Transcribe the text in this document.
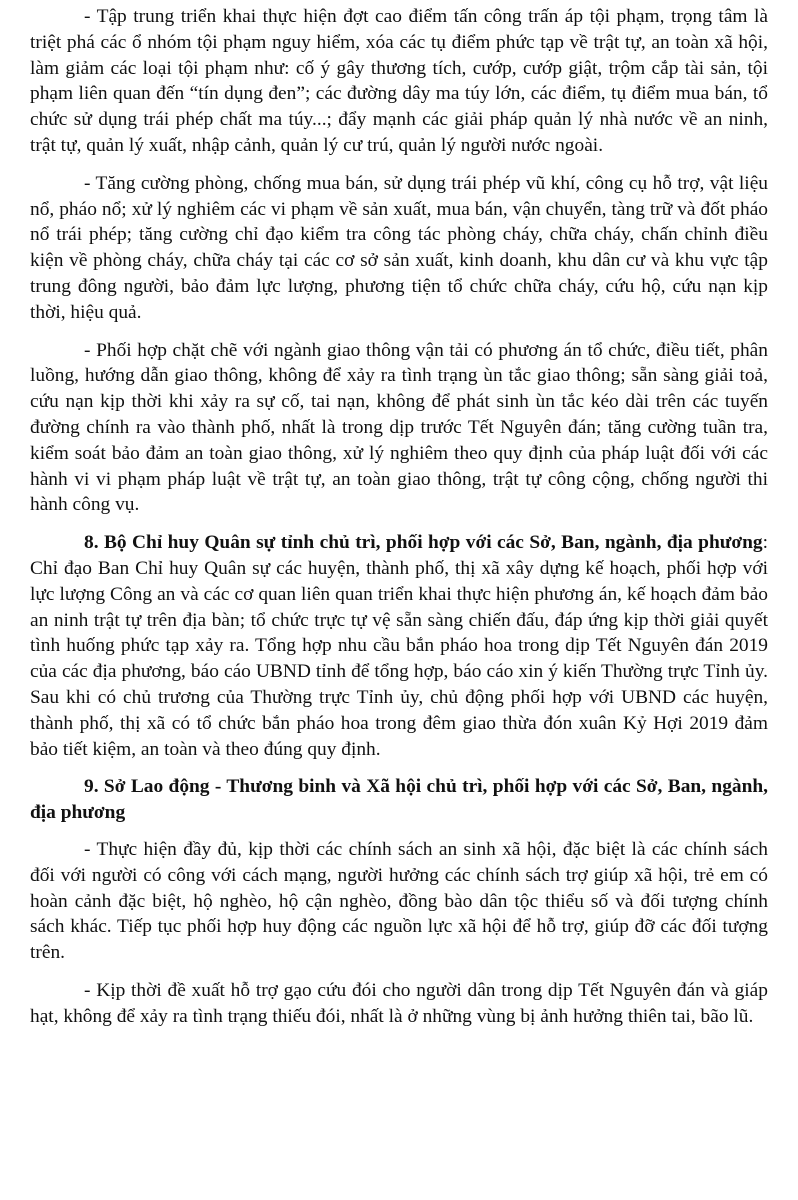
- Tập trung triển khai thực hiện đợt cao điểm tấn công trấn áp tội phạm, trọng tâm là triệt phá các ổ nhóm tội phạm nguy hiểm, xóa các tụ điểm phức tạp về trật tự, an toàn xã hội, làm giảm các loại tội phạm như: cố ý gây thương tích, cướp, cướp giật, trộm cắp tài sản, tội phạm liên quan đến “tín dụng đen”; các đường dây ma túy lớn, các điểm, tụ điểm mua bán, tổ chức sử dụng trái phép chất ma túy...; đẩy mạnh các giải pháp quản lý nhà nước về an ninh, trật tự, quản lý xuất, nhập cảnh, quản lý cư trú, quản lý người nước ngoài.

- Tăng cường phòng, chống mua bán, sử dụng trái phép vũ khí, công cụ hỗ trợ, vật liệu nổ, pháo nổ; xử lý nghiêm các vi phạm về sản xuất, mua bán, vận chuyển, tàng trữ và đốt pháo nổ trái phép; tăng cường chỉ đạo kiểm tra công tác phòng cháy, chữa cháy, chấn chỉnh điều kiện về phòng cháy, chữa cháy tại các cơ sở sản xuất, kinh doanh, khu dân cư và khu vực tập trung đông người, bảo đảm lực lượng, phương tiện tổ chức chữa cháy, cứu hộ, cứu nạn kịp thời, hiệu quả.

- Phối hợp chặt chẽ với ngành giao thông vận tải có phương án tổ chức, điều tiết, phân luồng, hướng dẫn giao thông, không để xảy ra tình trạng ùn tắc giao thông; sẵn sàng giải toả, cứu nạn kịp thời khi xảy ra sự cố, tai nạn, không để phát sinh ùn tắc kéo dài trên các tuyến đường chính ra vào thành phố, nhất là trong dịp trước Tết Nguyên đán; tăng cường tuần tra, kiểm soát bảo đảm an toàn giao thông, xử lý nghiêm theo quy định của pháp luật đối với các hành vi vi phạm pháp luật về trật tự, an toàn giao thông, trật tự công cộng, chống người thi hành công vụ.

8. Bộ Chỉ huy Quân sự tỉnh chủ trì, phối hợp với các Sở, Ban, ngành, địa phương: Chỉ đạo Ban Chỉ huy Quân sự các huyện, thành phố, thị xã xây dựng kế hoạch, phối hợp với lực lượng Công an và các cơ quan liên quan triển khai thực hiện phương án, kế hoạch đảm bảo an ninh trật tự trên địa bàn; tổ chức trực tự vệ sẵn sàng chiến đấu, đáp ứng kịp thời giải quyết tình huống phức tạp xảy ra. Tổng hợp nhu cầu bắn pháo hoa trong dịp Tết Nguyên đán 2019 của các địa phương, báo cáo UBND tỉnh để tổng hợp, báo cáo xin ý kiến Thường trực Tỉnh ủy. Sau khi có chủ trương của Thường trực Tỉnh ủy, chủ động phối hợp với UBND các huyện, thành phố, thị xã có tổ chức bắn pháo hoa trong đêm giao thừa đón xuân Kỷ Hợi 2019 đảm bảo tiết kiệm, an toàn và theo đúng quy định.

9. Sở Lao động - Thương binh và Xã hội chủ trì, phối hợp với các Sở, Ban, ngành, địa phương

- Thực hiện đầy đủ, kịp thời các chính sách an sinh xã hội, đặc biệt là các chính sách đối với người có công với cách mạng, người hưởng các chính sách trợ giúp xã hội, trẻ em có hoàn cảnh đặc biệt, hộ nghèo, hộ cận nghèo, đồng bào dân tộc thiểu số và đối tượng chính sách khác. Tiếp tục phối hợp huy động các nguồn lực xã hội để hỗ trợ, giúp đỡ các đối tượng trên.

- Kịp thời đề xuất hỗ trợ gạo cứu đói cho người dân trong dịp Tết Nguyên đán và giáp hạt, không để xảy ra tình trạng thiếu đói, nhất là ở những vùng bị ảnh hưởng thiên tai, bão lũ.
